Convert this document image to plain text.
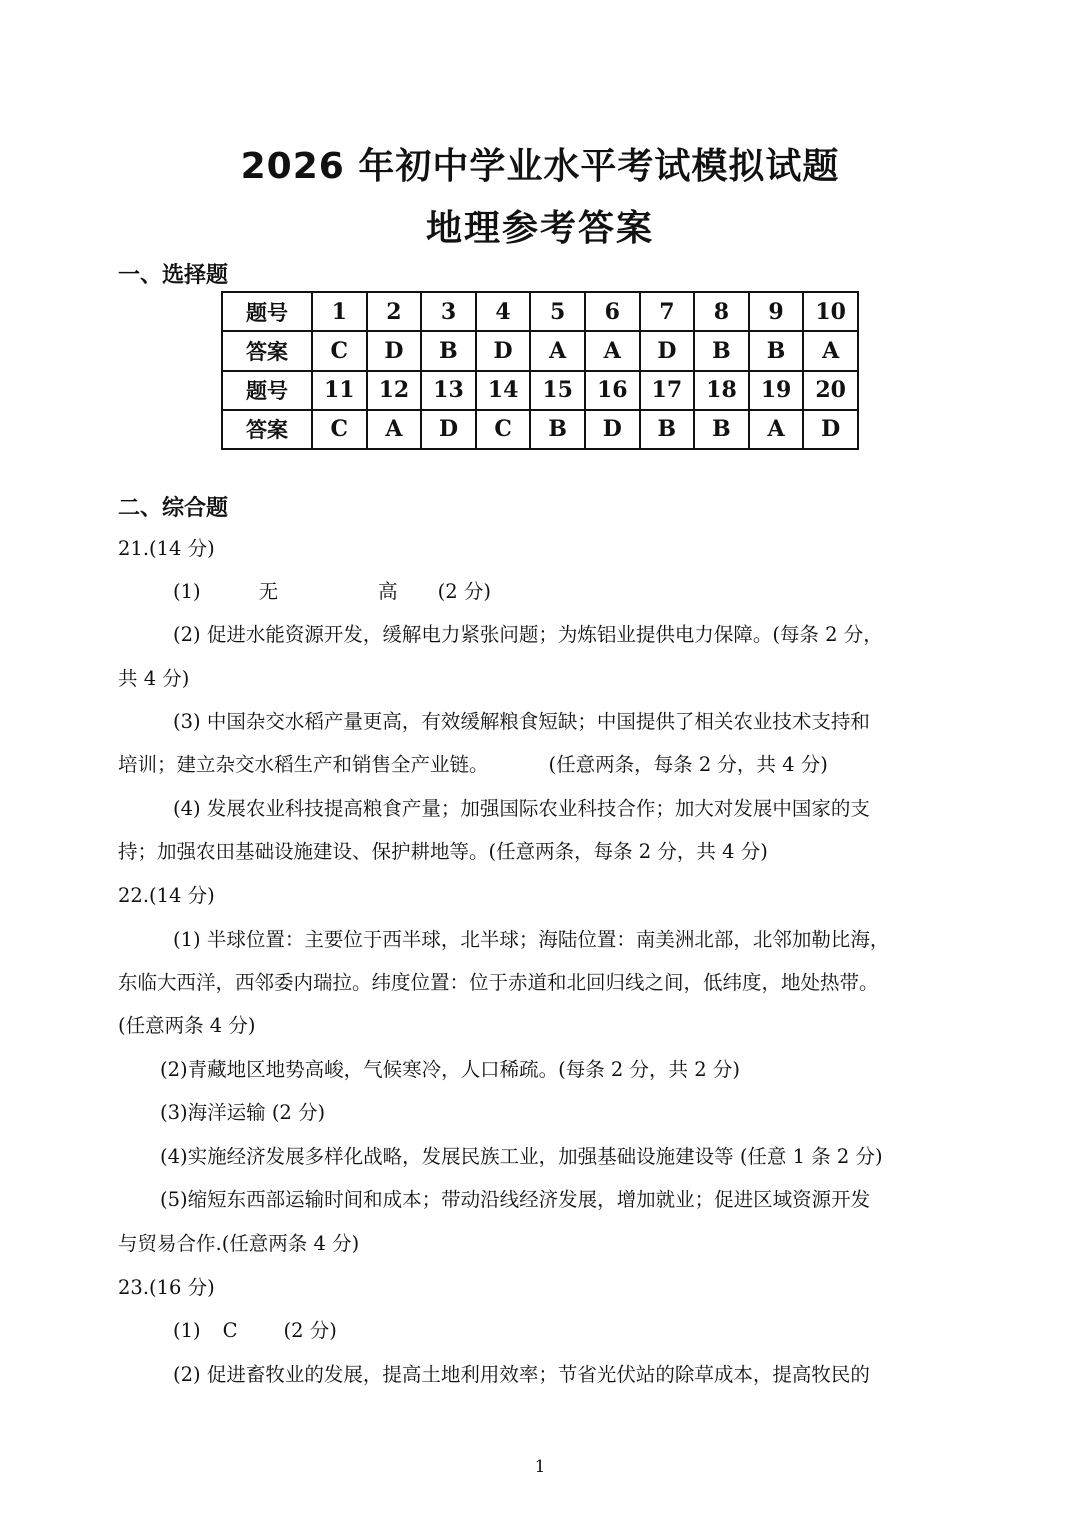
2026 年初中学业水平考试模拟试题
地理参考答案
一、选择题
题号	1	2	3	4	5	6	7	8	9	10
答案	C	D	B	D	A	A	D	B	B	A
题号	11	12	13	14	15	16	17	18	19	20
答案	C	A	D	C	B	D	B	B	A	D
二、综合题
21.(14 分)
(1)	无	高 (2 分)
(2) 促进水能资源开发，缓解电力紧张问题；为炼铝业提供电力保障。(每条 2 分，
共 4 分)
(3) 中国杂交水稻产量更高，有效缓解粮食短缺；中国提供了相关农业技术支持和
培训；建立杂交水稻生产和销售全产业链。	(任意两条，每条 2 分，共 4 分)
(4) 发展农业科技提高粮食产量；加强国际农业科技合作；加大对发展中国家的支
持；加强农田基础设施建设、保护耕地等。(任意两条，每条 2 分，共 4 分)
22.(14 分)
(1) 半球位置：主要位于西半球，北半球；海陆位置：南美洲北部，北邻加勒比海，
东临大西洋，西邻委内瑞拉。纬度位置：位于赤道和北回归线之间，低纬度，地处热带。
(任意两条 4 分)
(2)青藏地区地势高峻，气候寒冷，人口稀疏。(每条 2 分，共 2 分)
(3)海洋运输 (2 分)
(4)实施经济发展多样化战略，发展民族工业，加强基础设施建设等 (任意 1 条 2 分)
(5)缩短东西部运输时间和成本；带动沿线经济发展，增加就业；促进区域资源开发
与贸易合作.(任意两条 4 分)
23.(16 分)
(1) C (2 分)
(2) 促进畜牧业的发展，提高土地利用效率；节省光伏站的除草成本，提高牧民的
1
